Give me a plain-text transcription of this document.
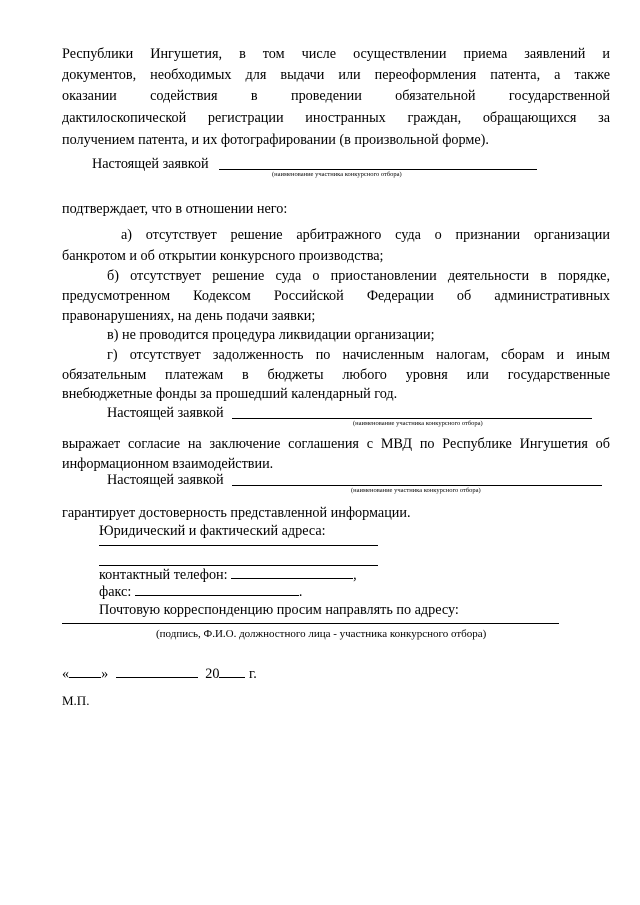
Республики Ингушетия, в том числе осуществлении приема заявлений и
документов, необходимых для выдачи или переоформления патента, а также
оказании содействия в проведении обязательной государственной
дактилоскопической регистрации иностранных граждан, обращающихся за
получением патента, и их фотографировании (в произвольной форме).
Настоящей заявкой
(наименование участника конкурсного отбора)
подтверждает, что в отношении него:
а) отсутствует решение арбитражного суда о признании организации
банкротом и об открытии конкурсного производства;
б) отсутствует решение суда о приостановлении деятельности в порядке,
предусмотренном Кодексом Российской Федерации об административных
правонарушениях, на день подачи заявки;
в) не проводится процедура ликвидации организации;
г) отсутствует задолженность по начисленным налогам, сборам и иным
обязательным платежам в бюджеты любого уровня или государственные
внебюджетные фонды за прошедший календарный год.
Настоящей заявкой
(наименование участника конкурсного отбора)
выражает согласие на заключение соглашения с МВД по Республике Ингушетия об
информационном взаимодействии.
Настоящей заявкой
(наименование участника конкурсного отбора)
гарантирует достоверность представленной информации.
Юридический и фактический адреса:
контактный телефон:	,
факс:	.
Почтовую корреспонденцию просим направлять по адресу:
(подпись, Ф.И.О. должностного лица - участника конкурсного отбора)
« »	20 г.
М.П.
